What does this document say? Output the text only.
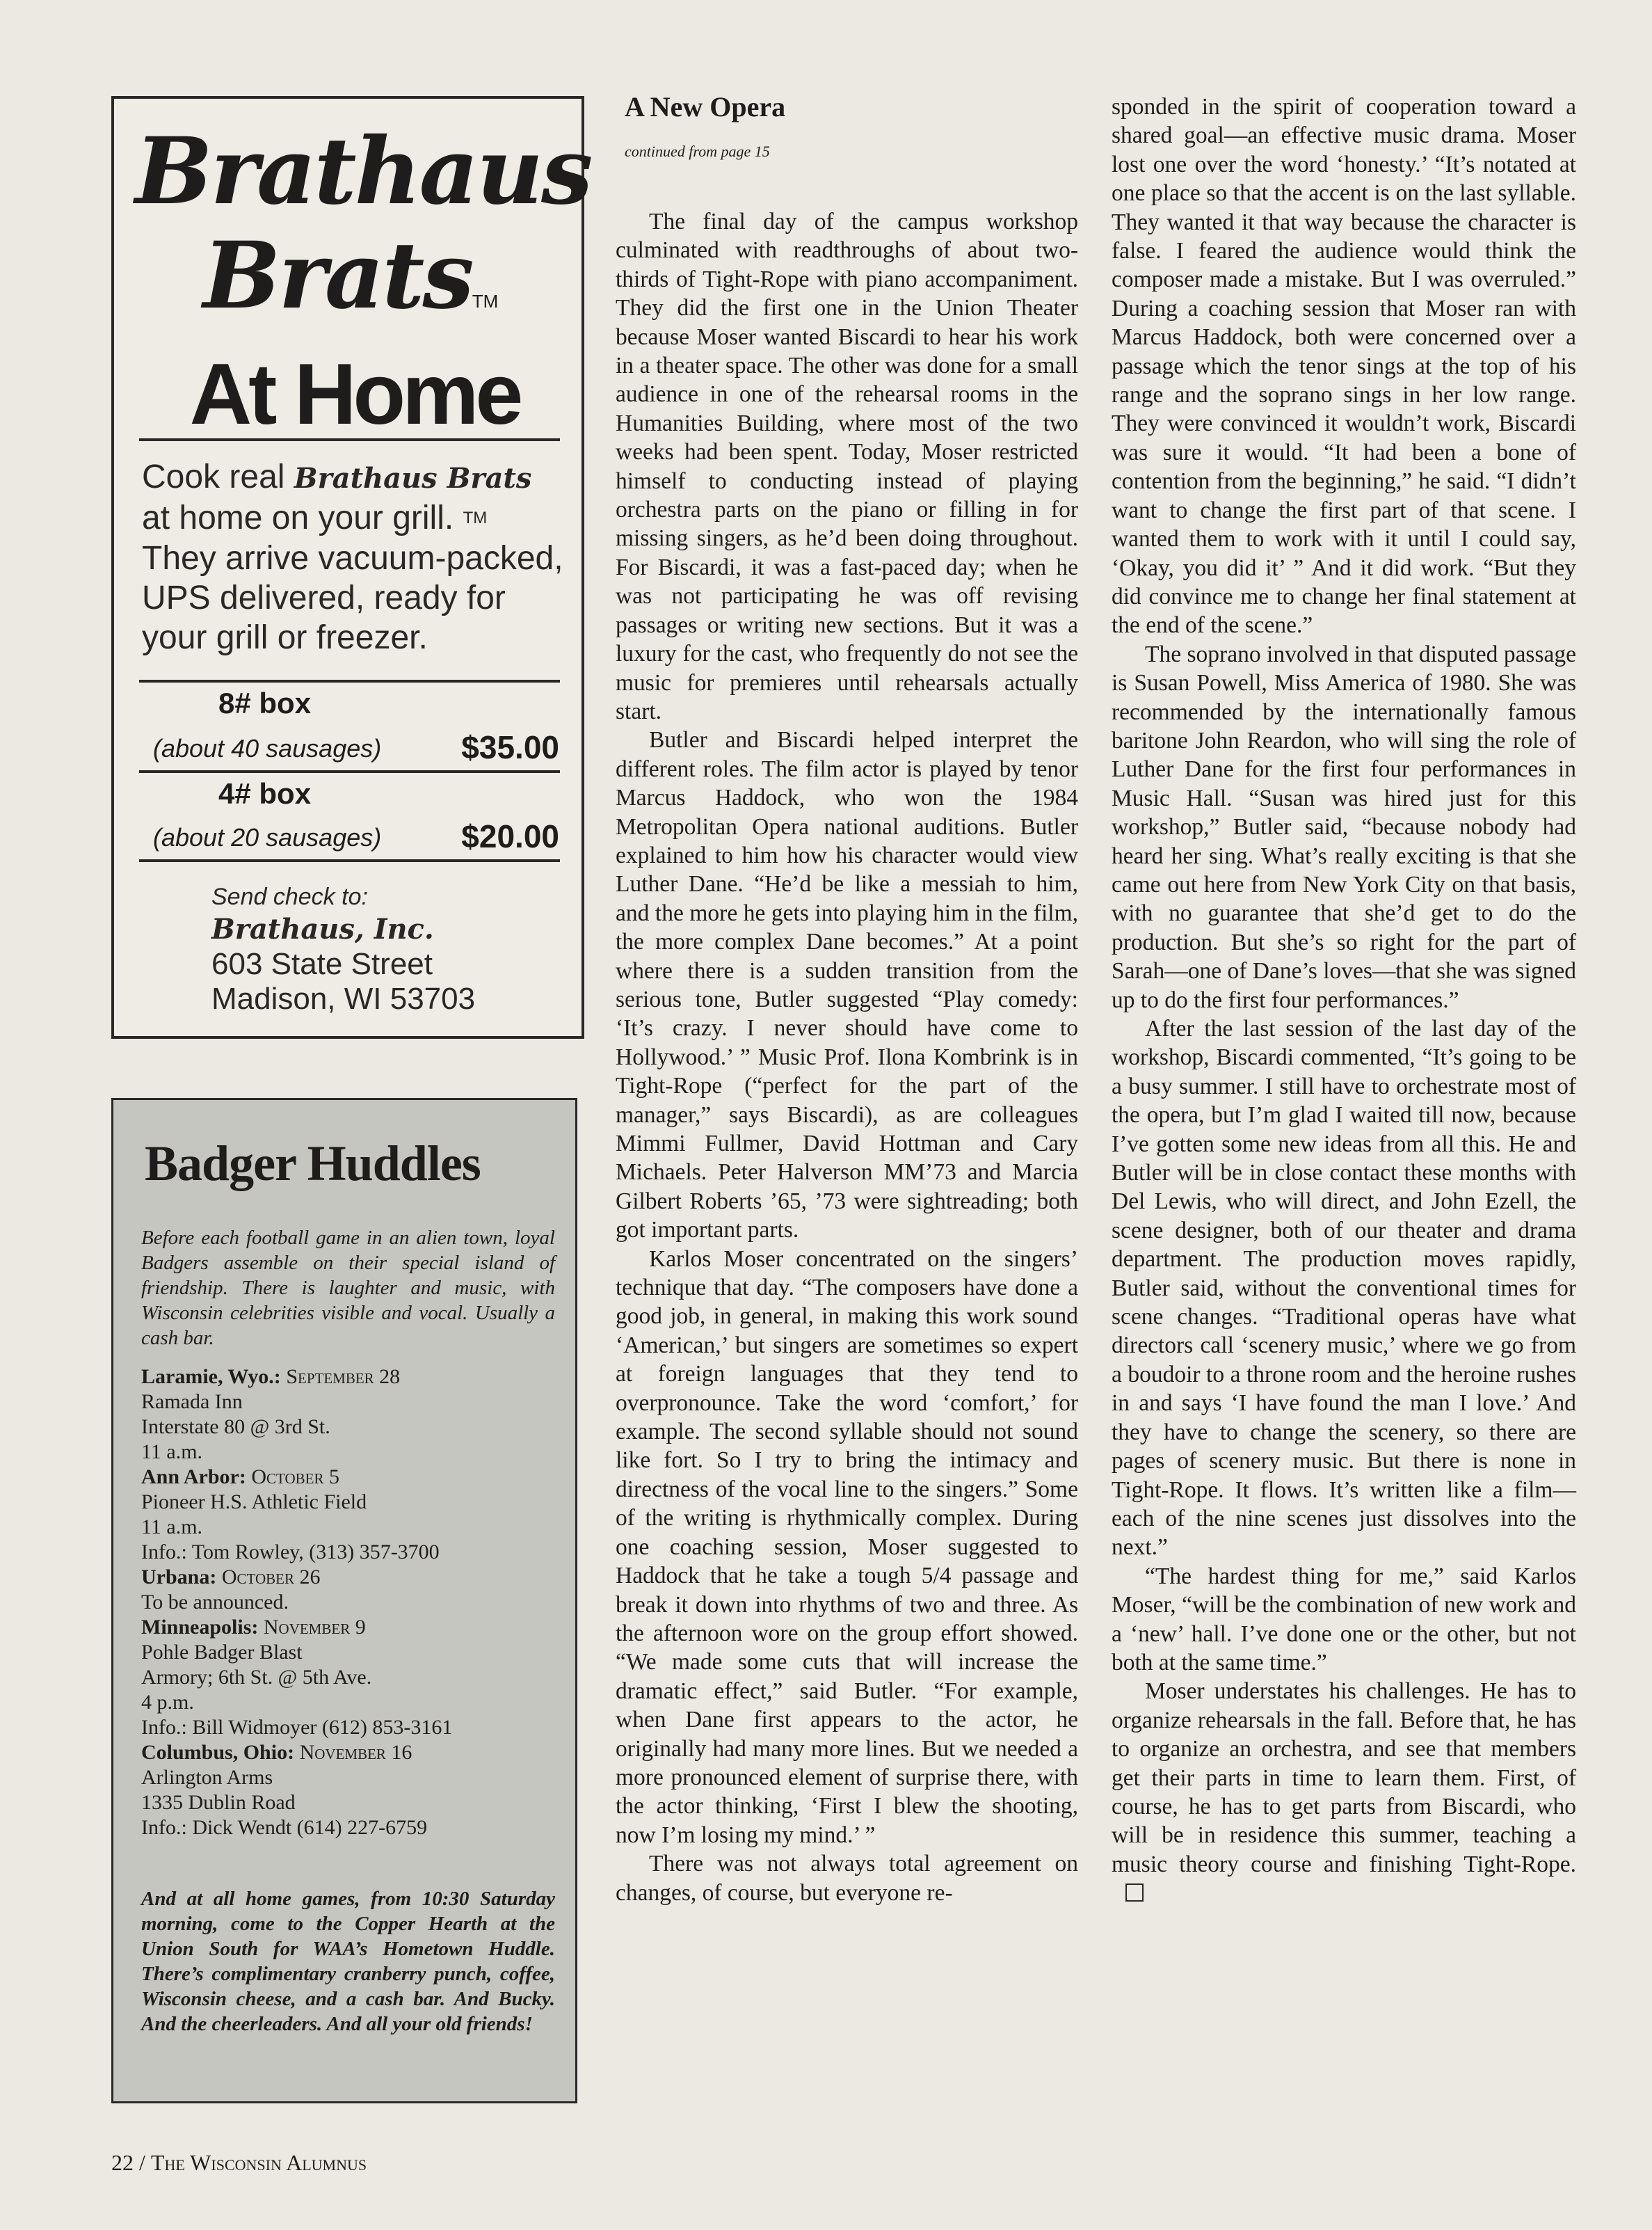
Brathaus
BratsTM
At Home
Cook real Brathaus Brats
at home on your grill. ™
They arrive vacuum-packed, UPS delivered, ready for your grill or freezer.
8# box
(about 40 sausages)	$35.00
4# box
(about 20 sausages)	$20.00
Send check to:
Brathaus, Inc.
603 State Street
Madison, WI 53703
Badger Huddles
Before each football game in an alien town, loyal Badgers assemble on their special island of friendship. There is laughter and music, with Wisconsin celebrities visible and vocal. Usually a cash bar.
Laramie, Wyo.: September 28
Ramada Inn
Interstate 80 @ 3rd St.
11 a.m.
Ann Arbor: October 5
Pioneer H.S. Athletic Field
11 a.m.
Info.: Tom Rowley, (313) 357-3700
Urbana: October 26
To be announced.
Minneapolis: November 9
Pohle Badger Blast
Armory; 6th St. @ 5th Ave.
4 p.m.
Info.: Bill Widmoyer (612) 853-3161
Columbus, Ohio: November 16
Arlington Arms
1335 Dublin Road
Info.: Dick Wendt (614) 227-6759
And at all home games, from 10:30 Saturday morning, come to the Copper Hearth at the Union South for WAA’s Hometown Huddle. There’s complimentary cranberry punch, coffee, Wisconsin cheese, and a cash bar. And Bucky. And the cheerleaders. And all your old friends!
A New Opera
continued from page 15

The final day of the campus workshop culminated with readthroughs of about two-thirds of Tight-Rope with piano accompaniment. They did the first one in the Union Theater because Moser wanted Biscardi to hear his work in a theater space. The other was done for a small audience in one of the rehearsal rooms in the Humanities Building, where most of the two weeks had been spent. Today, Moser restricted himself to conducting instead of playing orchestra parts on the piano or filling in for missing singers, as he’d been doing throughout. For Biscardi, it was a fast-paced day; when he was not participating he was off revising passages or writing new sections. But it was a luxury for the cast, who frequently do not see the music for premieres until rehearsals actually start.

Butler and Biscardi helped interpret the different roles. The film actor is played by tenor Marcus Haddock, who won the 1984 Metropolitan Opera national auditions. Butler explained to him how his character would view Luther Dane. “He’d be like a messiah to him, and the more he gets into playing him in the film, the more complex Dane becomes.” At a point where there is a sudden transition from the serious tone, Butler suggested “Play comedy: ‘It’s crazy. I never should have come to Hollywood.’ ” Music Prof. Ilona Kombrink is in Tight-Rope (“perfect for the part of the manager,” says Biscardi), as are colleagues Mimmi Fullmer, David Hottman and Cary Michaels. Peter Halverson MM’73 and Marcia Gilbert Roberts ’65, ’73 were sightreading; both got important parts.

Karlos Moser concentrated on the singers’ technique that day. “The composers have done a good job, in general, in making this work sound ‘American,’ but singers are sometimes so expert at foreign languages that they tend to overpronounce. Take the word ‘comfort,’ for example. The second syllable should not sound like fort. So I try to bring the intimacy and directness of the vocal line to the singers.” Some of the writing is rhythmically complex. During one coaching session, Moser suggested to Haddock that he take a tough 5/4 passage and break it down into rhythms of two and three. As the afternoon wore on the group effort showed. “We made some cuts that will increase the dramatic effect,” said Butler. “For example, when Dane first appears to the actor, he originally had many more lines. But we needed a more pronounced element of surprise there, with the actor thinking, ‘First I blew the shooting, now I’m losing my mind.’ ”

There was not always total agreement on changes, of course, but everyone re-

sponded in the spirit of cooperation toward a shared goal—an effective music drama. Moser lost one over the word ‘honesty.’ “It’s notated at one place so that the accent is on the last syllable. They wanted it that way because the character is false. I feared the audience would think the composer made a mistake. But I was overruled.” During a coaching session that Moser ran with Marcus Haddock, both were concerned over a passage which the tenor sings at the top of his range and the soprano sings in her low range. They were convinced it wouldn’t work, Biscardi was sure it would. “It had been a bone of contention from the beginning,” he said. “I didn’t want to change the first part of that scene. I wanted them to work with it until I could say, ‘Okay, you did it’ ” And it did work. “But they did convince me to change her final statement at the end of the scene.”

The soprano involved in that disputed passage is Susan Powell, Miss America of 1980. She was recommended by the internationally famous baritone John Reardon, who will sing the role of Luther Dane for the first four performances in Music Hall. “Susan was hired just for this workshop,” Butler said, “because nobody had heard her sing. What’s really exciting is that she came out here from New York City on that basis, with no guarantee that she’d get to do the production. But she’s so right for the part of Sarah—one of Dane’s loves—that she was signed up to do the first four performances.”

After the last session of the last day of the workshop, Biscardi commented, “It’s going to be a busy summer. I still have to orchestrate most of the opera, but I’m glad I waited till now, because I’ve gotten some new ideas from all this. He and Butler will be in close contact these months with Del Lewis, who will direct, and John Ezell, the scene designer, both of our theater and drama department. The production moves rapidly, Butler said, without the conventional times for scene changes. “Traditional operas have what directors call ‘scenery music,’ where we go from a boudoir to a throne room and the heroine rushes in and says ‘I have found the man I love.’ And they have to change the scenery, so there are pages of scenery music. But there is none in Tight-Rope. It flows. It’s written like a film—each of the nine scenes just dissolves into the next.”

“The hardest thing for me,” said Karlos Moser, “will be the combination of new work and a ‘new’ hall. I’ve done one or the other, but not both at the same time.”

Moser understates his challenges. He has to organize rehearsals in the fall. Before that, he has to organize an orchestra, and see that members get their parts in time to learn them. First, of course, he has to get parts from Biscardi, who will be in residence this summer, teaching a music theory course and finishing Tight-Rope.

22 / The Wisconsin Alumnus
